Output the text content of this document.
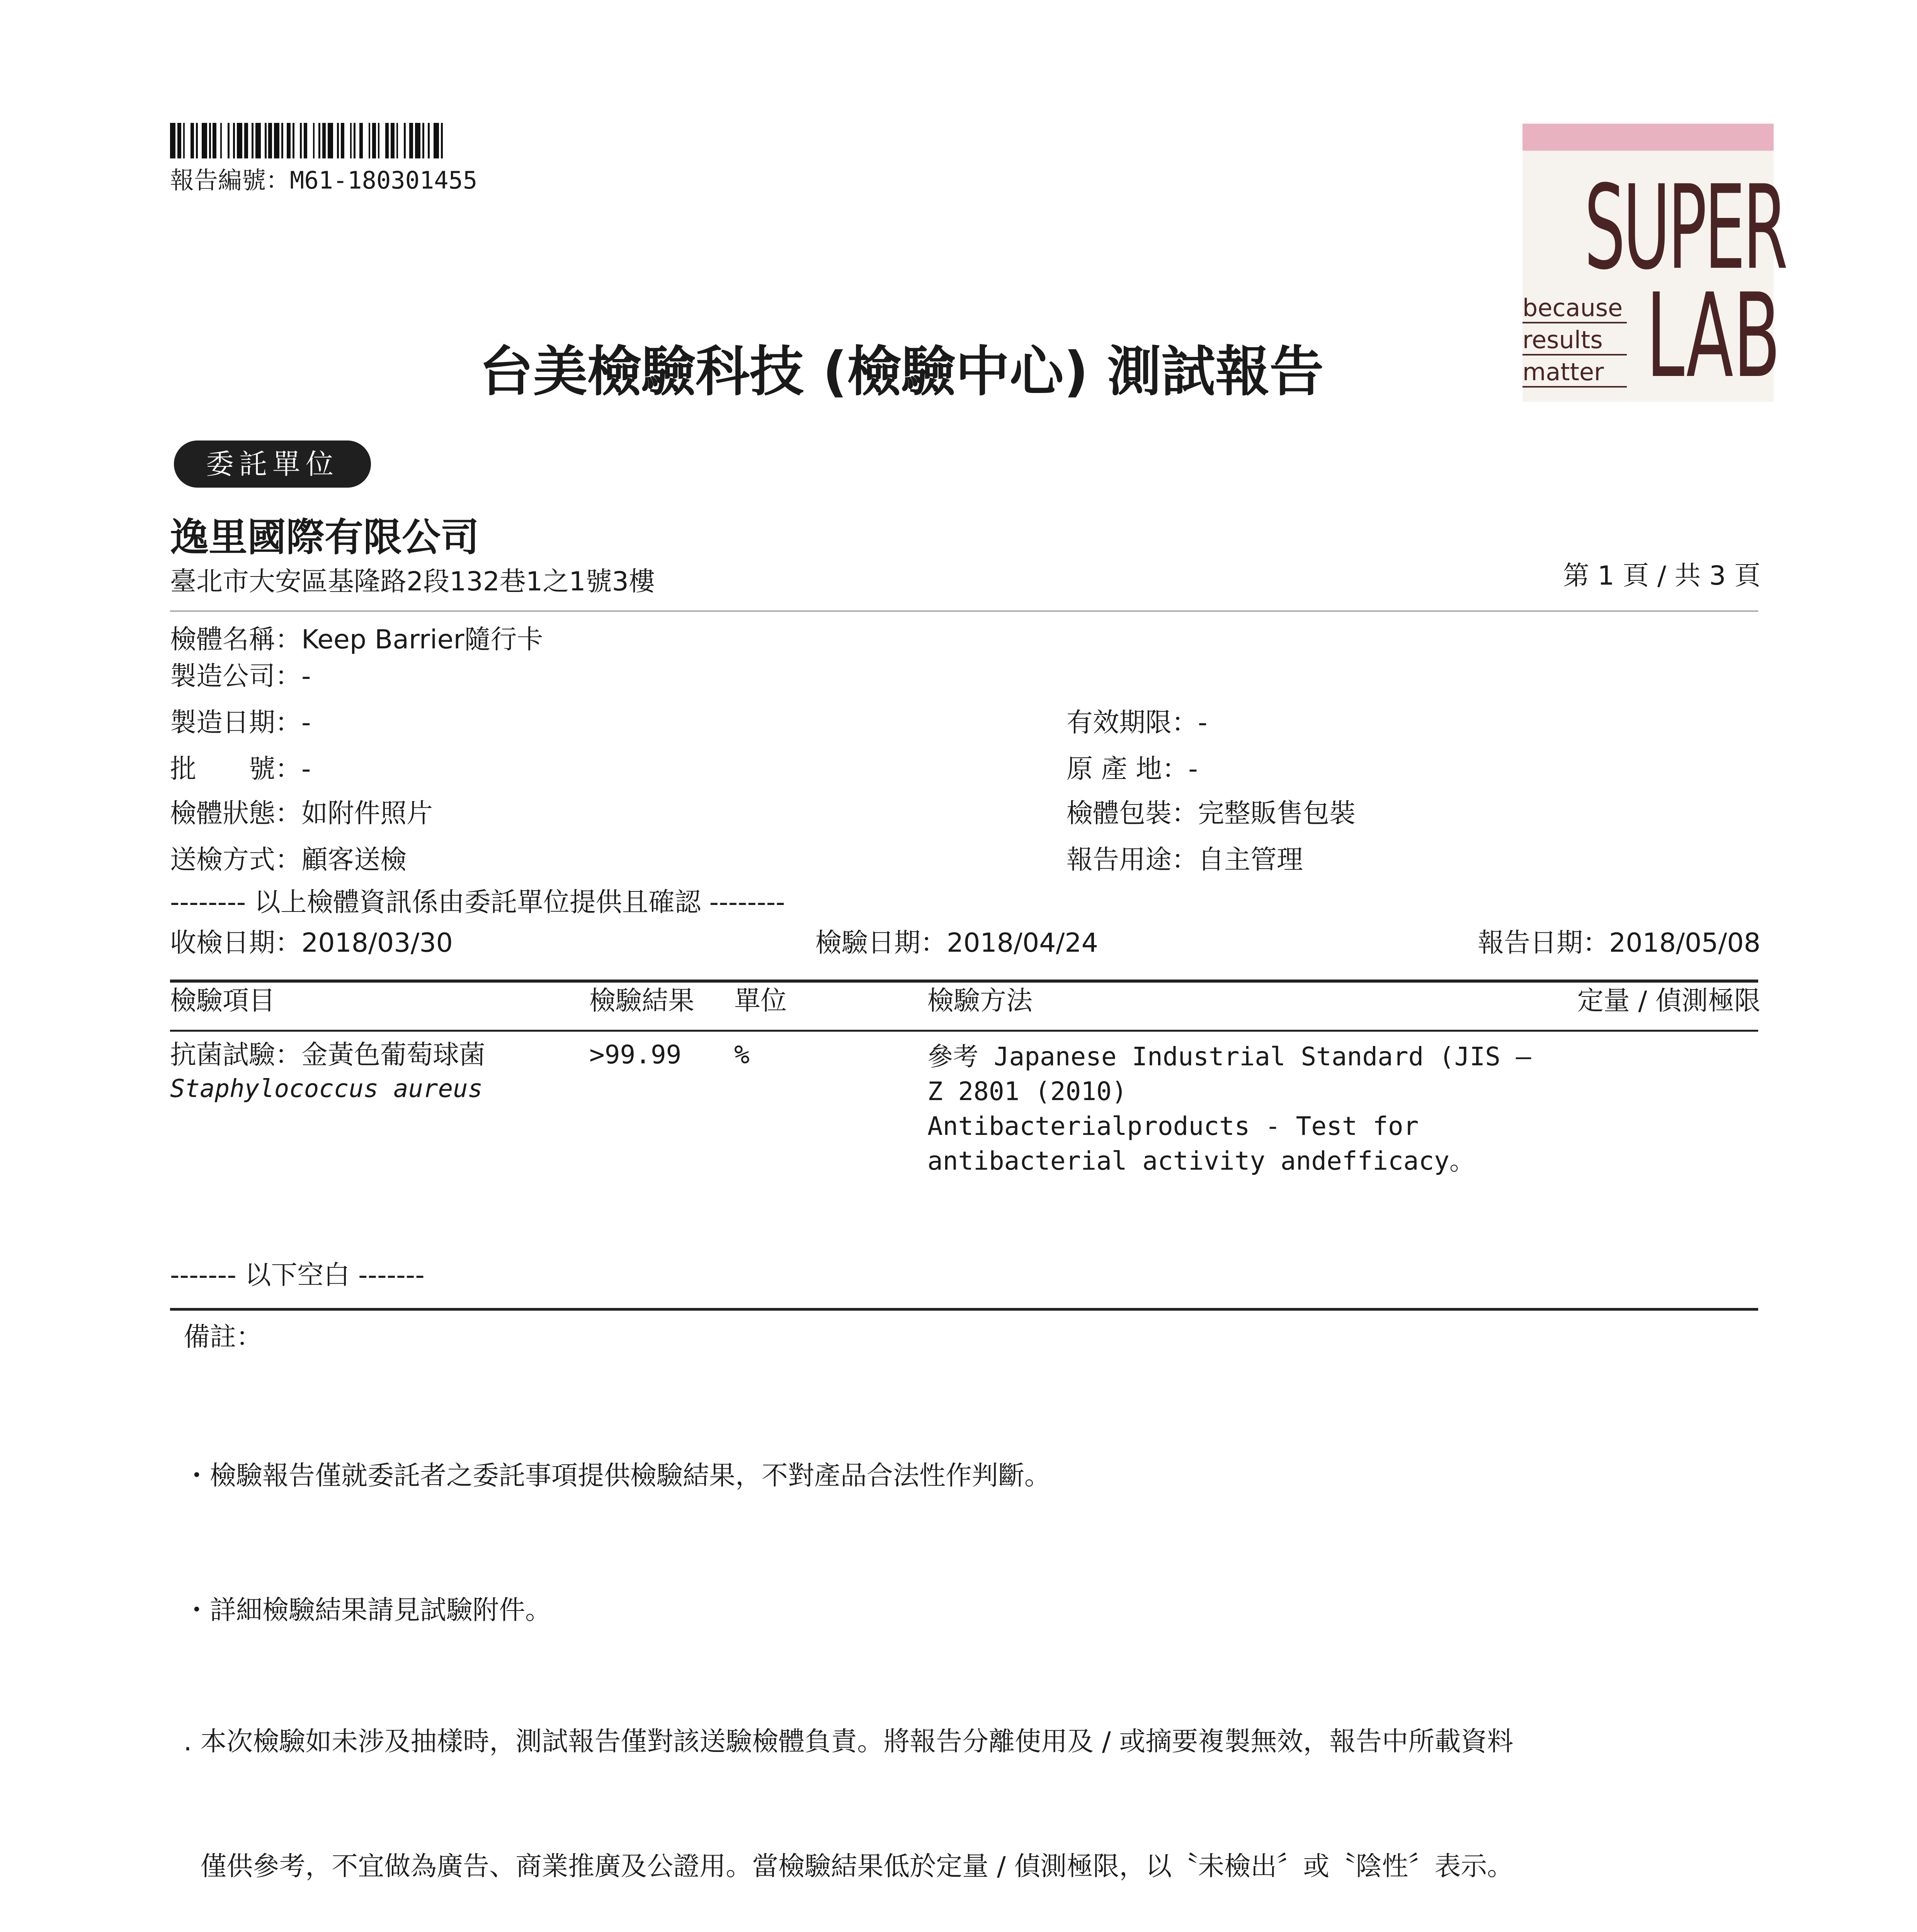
報告編號：M61-180301455	SUPER
LAB
because
results
matter
台美檢驗科技 (檢驗中心) 測試報告
委託單位
逸里國際有限公司
臺北市大安區基隆路2段132巷1之1號3樓	第 1 頁 / 共 3 頁
檢體名稱：Keep Barrier隨行卡
製造公司：-
製造日期：-	有效期限：-
批　　號：-	原 產 地：-
檢體狀態：如附件照片	檢體包裝：完整販售包裝
送檢方式：顧客送檢	報告用途：自主管理
-------- 以上檢體資訊係由委託單位提供且確認 --------
收檢日期：2018/03/30	檢驗日期：2018/04/24	報告日期：2018/05/08
檢驗項目	檢驗結果 單位	檢驗方法	定量 / 偵測極限
抗菌試驗：金黃色葡萄球菌
Staphylococcus aureus
>99.99 %	參考 Japanese Industrial Standard (JIS —
Z 2801 (2010)
Antibacterialproducts - Test for
antibacterial activity andefficacy。
------- 以下空白 -------
備註：

・檢驗報告僅就委託者之委託事項提供檢驗結果，不對產品合法性作判斷。

・詳細檢驗結果請見試驗附件。

. 本次檢驗如未涉及抽樣時，測試報告僅對該送驗檢體負責。將報告分離使用及 / 或摘要複製無效，報告中所載資料

僅供參考，不宜做為廣告、商業推廣及公證用。當檢驗結果低於定量 / 偵測極限，以〝未檢出〞或〝陰性〞表示。
